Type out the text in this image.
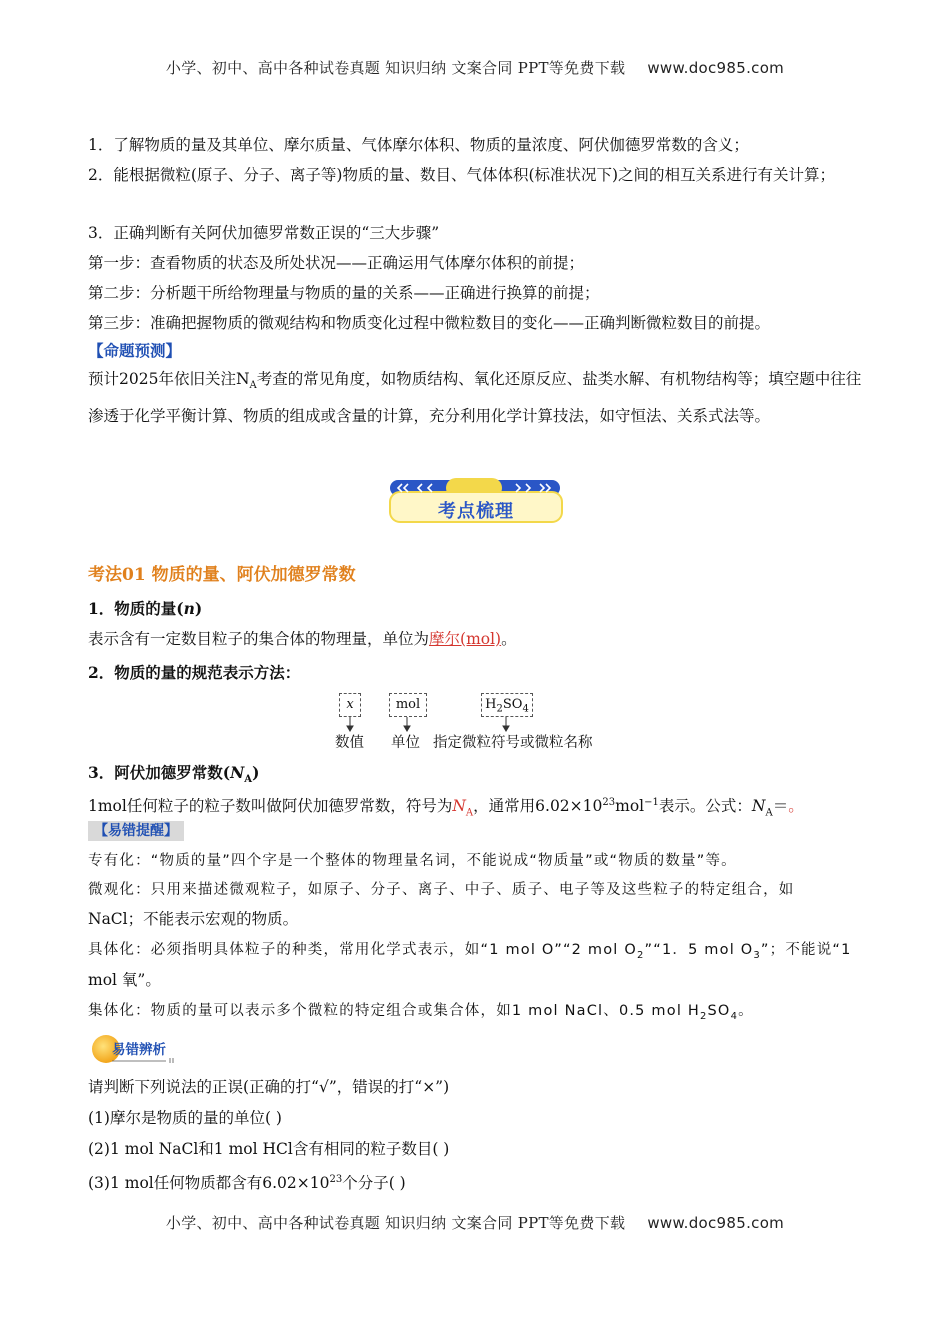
小学、初中、高中各种试卷真题 知识归纳 文案合同 PPT等免费下载 www.doc985.com

1．了解物质的量及其单位、摩尔质量、气体摩尔体积、物质的量浓度、阿伏伽德罗常数的含义；

2．能根据微粒(原子、分子、离子等)物质的量、数目、气体体积(标准状况下)之间的相互关系进行有关计算；

3．正确判断有关阿伏加德罗常数正误的“三大步骤”

第一步：查看物质的状态及所处状况——正确运用气体摩尔体积的前提；

第二步：分析题干所给物理量与物质的量的关系——正确进行换算的前提；

第三步：准确把握物质的微观结构和物质变化过程中微粒数目的变化——正确判断微粒数目的前提。

【命题预测】

预计2025年依旧关注$N_A$考查的常见角度，如物质结构、氧化还原反应、盐类水解、有机物结构等；填空题中往往渗透于化学平衡计算、物质的组成或含量的计算，充分利用化学计算技法，如守恒法、关系式法等。

考点梳理

考法01 物质的量、阿伏加德罗常数

1．物质的量(n)

表示含有一定数目粒子的集合体的物理量，单位为摩尔(mol)。

2．物质的量的规范表示方法：

x	mol	$H_2SO_4$
数值 单位 指定微粒符号或微粒名称

3．阿伏加德罗常数$(N_A)$

1mol任何粒子的粒子数叫做阿伏加德罗常数，符号为$N_A$，通常用$6.02\times 10^{23}mol^{-1}$表示。公式：$N_A=$。

【易错提醒】

专有化：“物质的量”四个字是一个整体的物理量名词，不能说成“物质量”或“物质的数量”等。

微观化：只用来描述微观粒子，如原子、分子、离子、中子、质子、电子等及这些粒子的特定组合，如

NaCl；不能表示宏观的物质。

具体化：必须指明具体粒子的种类，常用化学式表示，如“1 mol O”“2 mol $O_2”“1$．5 mol $O_3$”；不能说“1

mol 氧”。

集体化：物质的量可以表示多个微粒的特定组合或集合体，如1 mol NaCl、0.5 mol $H_2SO_4$。

易错辨析

请判断下列说法的正误(正确的打“√”，错误的打“×”)

(1)摩尔是物质的量的单位( )

(2)1 mol NaCl和1 mol HCl含有相同的粒子数目( )

(3)1 mol任何物质都含有$6.02\times 10^{23}$个分子( )

小学、初中、高中各种试卷真题 知识归纳 文案合同 PPT等免费下载 www.doc985.com
